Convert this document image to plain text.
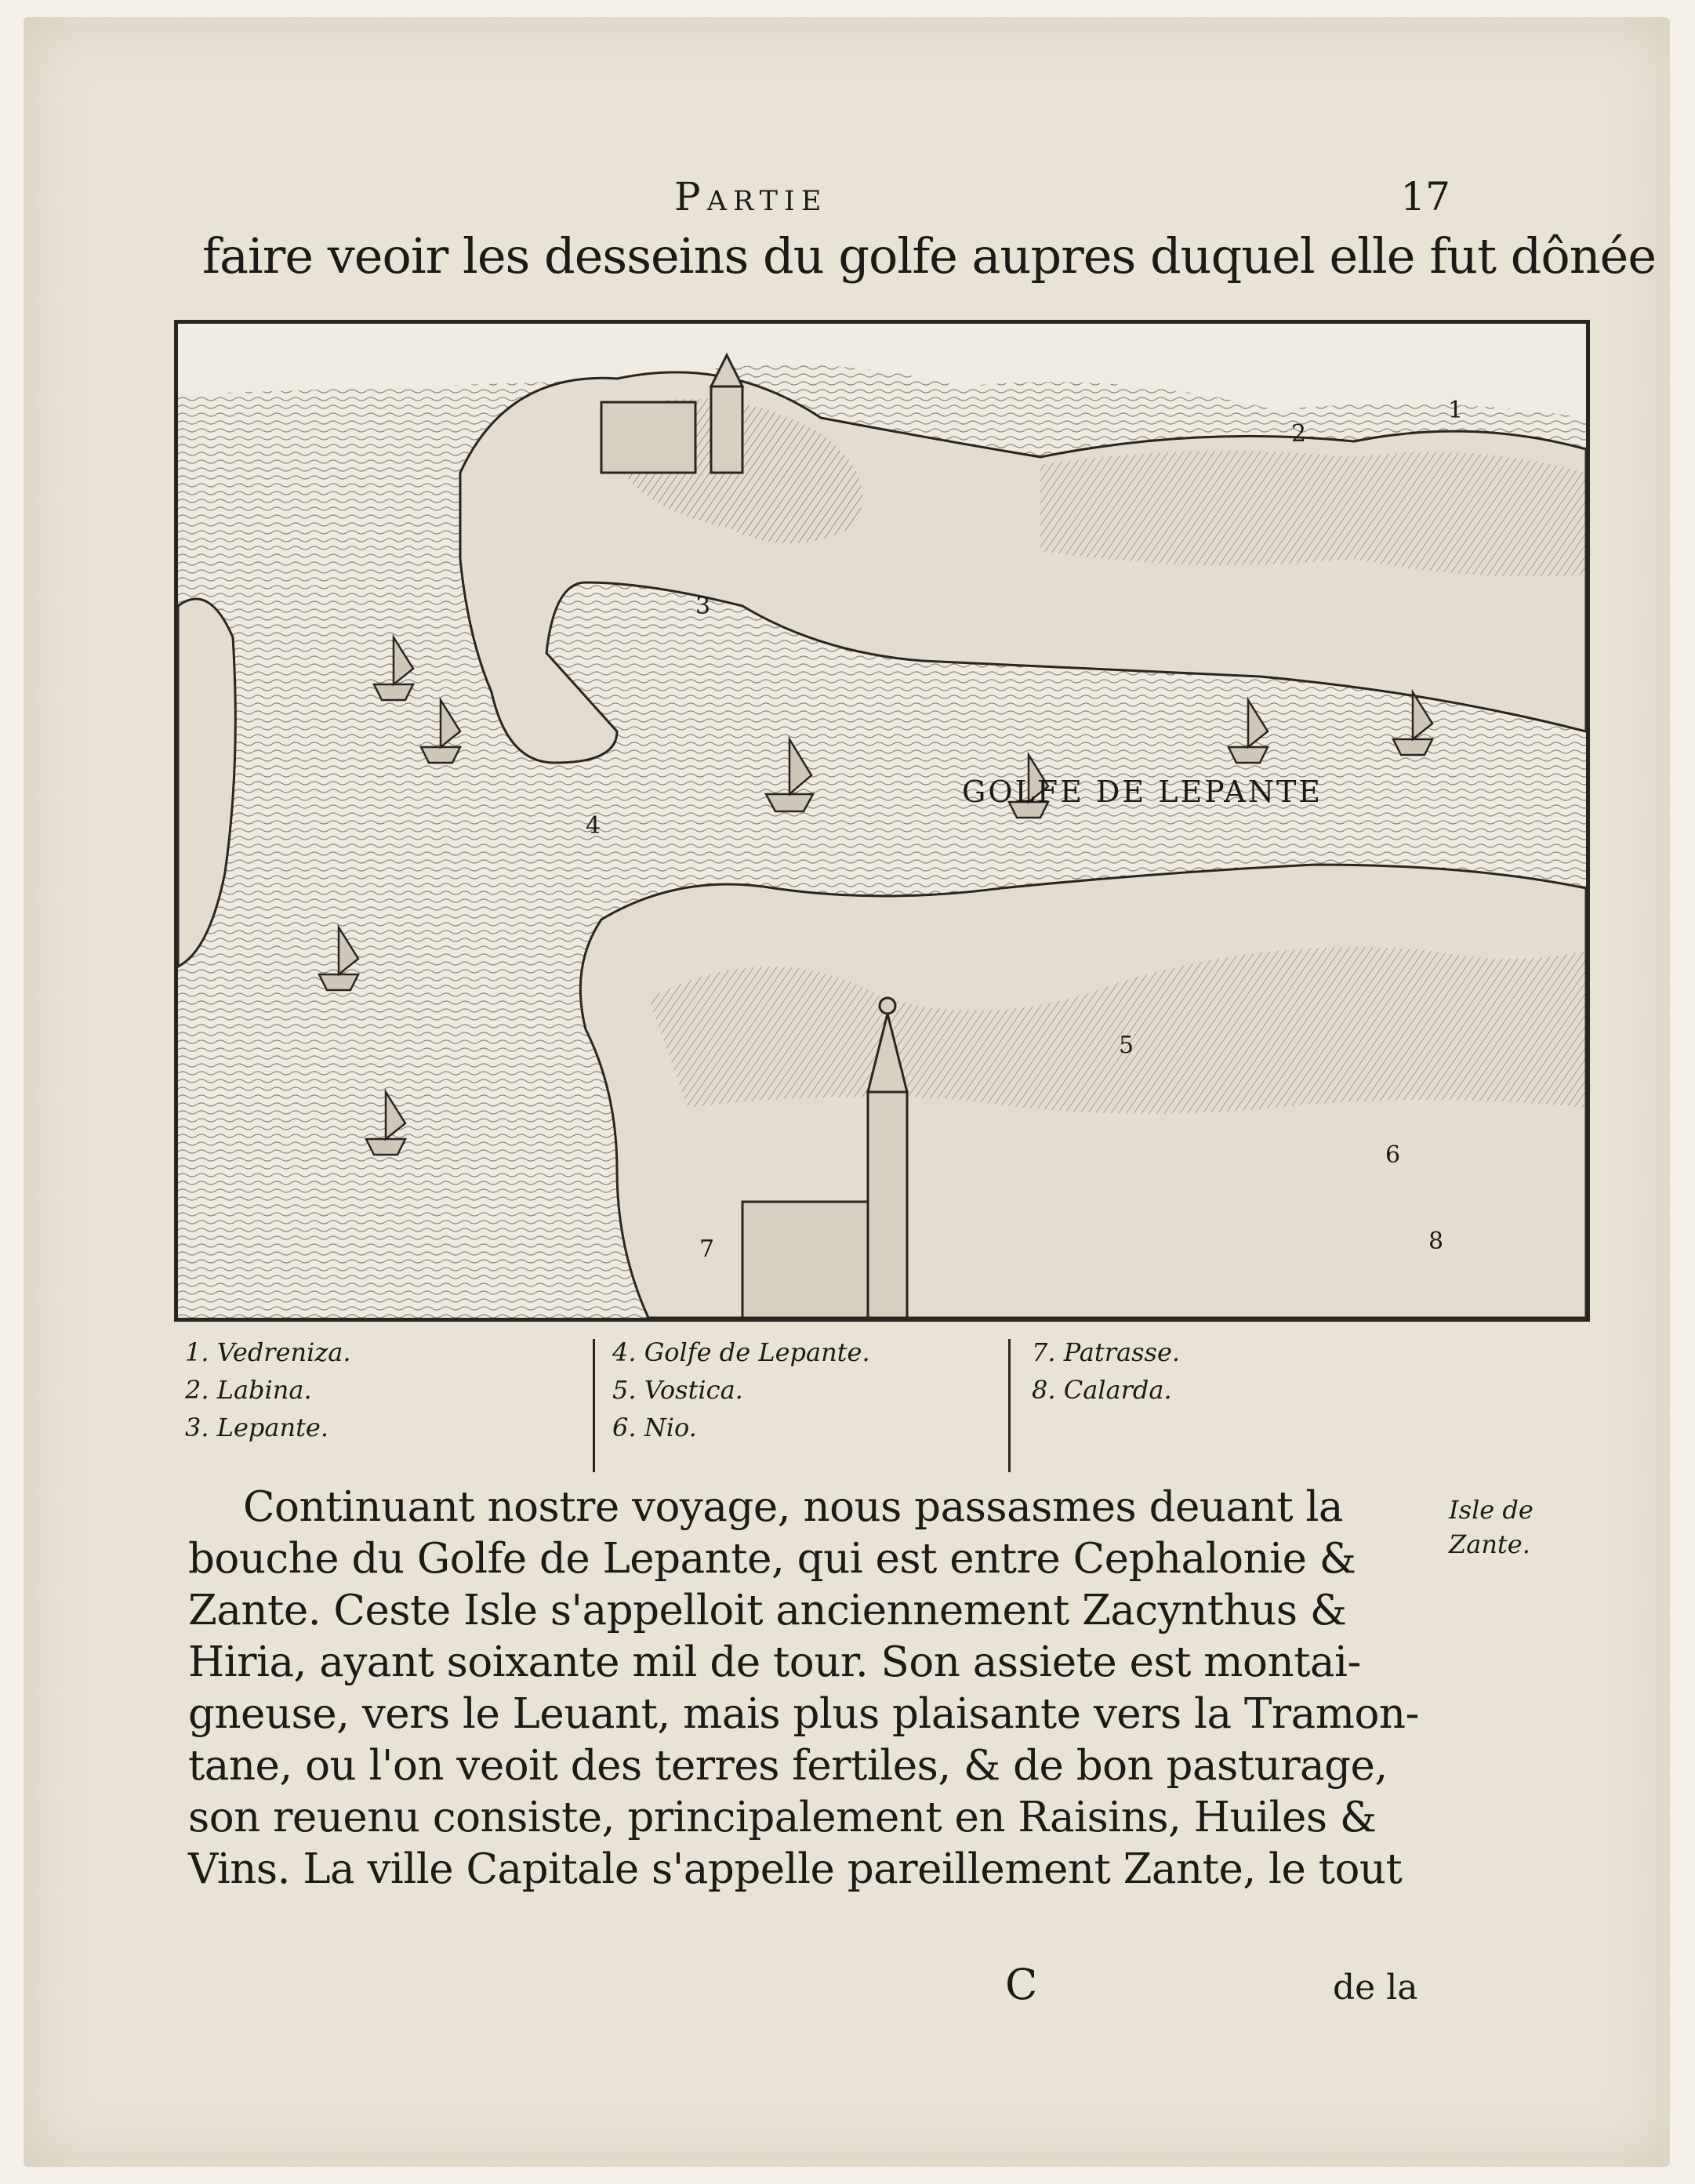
Partie	17
faire veoir les desseins du golfe aupres duquel elle fut dônée
GOLFE DE LEPANTE
1
2
3
4
5
6
7	8
1. Vedreniza.
2. Labina.
3. Lepante.
4. Golfe de Lepante.
5. Vostica.
6. Nio.
7. Patrasse.
8. Calarda.
Continuant nostre voyage, nous passasmes deuant la
bouche du Golfe de Lepante, qui est entre Cephalonie &
Zante. Ceste Isle s'appelloit anciennement Zacynthus &
Hiria, ayant soixante mil de tour. Son assiete est montai-
gneuse, vers le Leuant, mais plus plaisante vers la Tramon-
tane, ou l'on veoit des terres fertiles, & de bon pasturage,
son reuenu consiste, principalement en Raisins, Huiles &
Vins. La ville Capitale s'appelle pareillement Zante, le tout
Isle de
Zante.
C	de la
